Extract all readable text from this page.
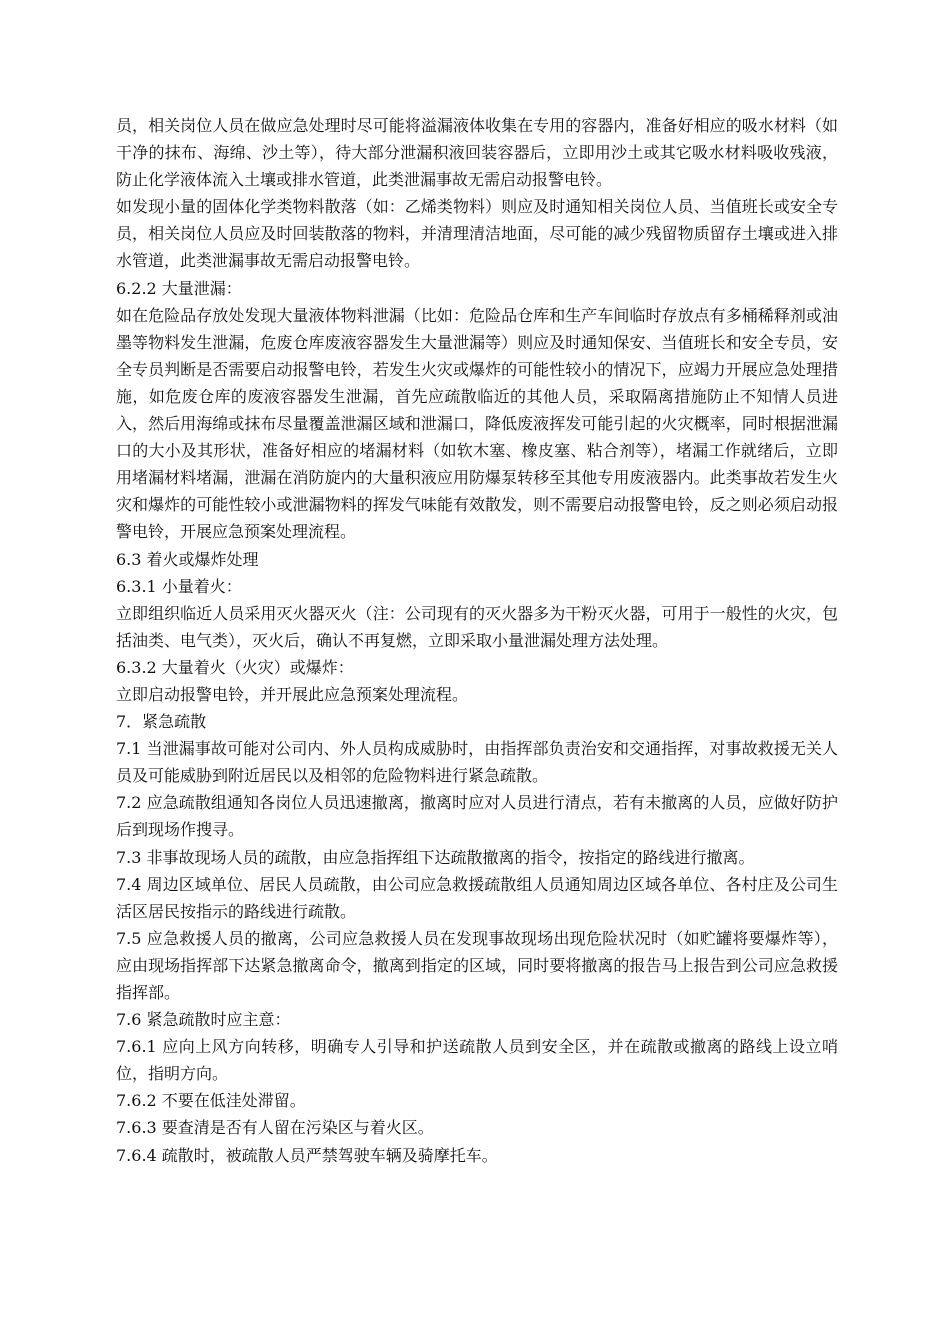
员，相关岗位人员在做应急处理时尽可能将溢漏液体收集在专用的容器内，准备好相应的吸水材料（如干净的抹布、海绵、沙土等），待大部分泄漏积液回装容器后，立即用沙土或其它吸水材料吸收残液，防止化学液体流入土壤或排水管道，此类泄漏事故无需启动报警电铃。

如发现小量的固体化学类物料散落（如：乙烯类物料）则应及时通知相关岗位人员、当值班长或安全专员，相关岗位人员应及时回装散落的物料，并清理清洁地面，尽可能的减少残留物质留存土壤或进入排水管道，此类泄漏事故无需启动报警电铃。

6.2.2 大量泄漏：

如在危险品存放处发现大量液体物料泄漏（比如：危险品仓库和生产车间临时存放点有多桶稀释剂或油墨等物料发生泄漏，危废仓库废液容器发生大量泄漏等）则应及时通知保安、当值班长和安全专员，安全专员判断是否需要启动报警电铃，若发生火灾或爆炸的可能性较小的情况下，应竭力开展应急处理措施，如危废仓库的废液容器发生泄漏，首先应疏散临近的其他人员，采取隔离措施防止不知情人员进入，然后用海绵或抹布尽量覆盖泄漏区域和泄漏口，降低废液挥发可能引起的火灾概率，同时根据泄漏口的大小及其形状，准备好相应的堵漏材料（如软木塞、橡皮塞、粘合剂等），堵漏工作就绪后，立即用堵漏材料堵漏，泄漏在消防旋内的大量积液应用防爆泵转移至其他专用废液器内。此类事故若发生火灾和爆炸的可能性较小或泄漏物料的挥发气味能有效散发，则不需要启动报警电铃，反之则必须启动报警电铃，开展应急预案处理流程。

6.3 着火或爆炸处理

6.3.1 小量着火：

立即组织临近人员采用灭火器灭火（注：公司现有的灭火器多为干粉灭火器，可用于一般性的火灾，包括油类、电气类），灭火后，确认不再复燃，立即采取小量泄漏处理方法处理。

6.3.2 大量着火（火灾）或爆炸：

立即启动报警电铃，并开展此应急预案处理流程。

7．紧急疏散

7.1 当泄漏事故可能对公司内、外人员构成威胁时，由指挥部负责治安和交通指挥，对事故救援无关人员及可能威胁到附近居民以及相邻的危险物料进行紧急疏散。

7.2 应急疏散组通知各岗位人员迅速撤离，撤离时应对人员进行清点，若有未撤离的人员，应做好防护后到现场作搜寻。

7.3 非事故现场人员的疏散，由应急指挥组下达疏散撤离的指令，按指定的路线进行撤离。

7.4 周边区域单位、居民人员疏散，由公司应急救援疏散组人员通知周边区域各单位、各村庄及公司生活区居民按指示的路线进行疏散。

7.5 应急救援人员的撤离，公司应急救援人员在发现事故现场出现危险状况时（如贮罐将要爆炸等），应由现场指挥部下达紧急撤离命令，撤离到指定的区域，同时要将撤离的报告马上报告到公司应急救援指挥部。

7.6 紧急疏散时应主意：

7.6.1 应向上风方向转移，明确专人引导和护送疏散人员到安全区，并在疏散或撤离的路线上设立哨位，指明方向。

7.6.2 不要在低洼处滞留。

7.6.3 要查清是否有人留在污染区与着火区。

7.6.4 疏散时，被疏散人员严禁驾驶车辆及骑摩托车。
